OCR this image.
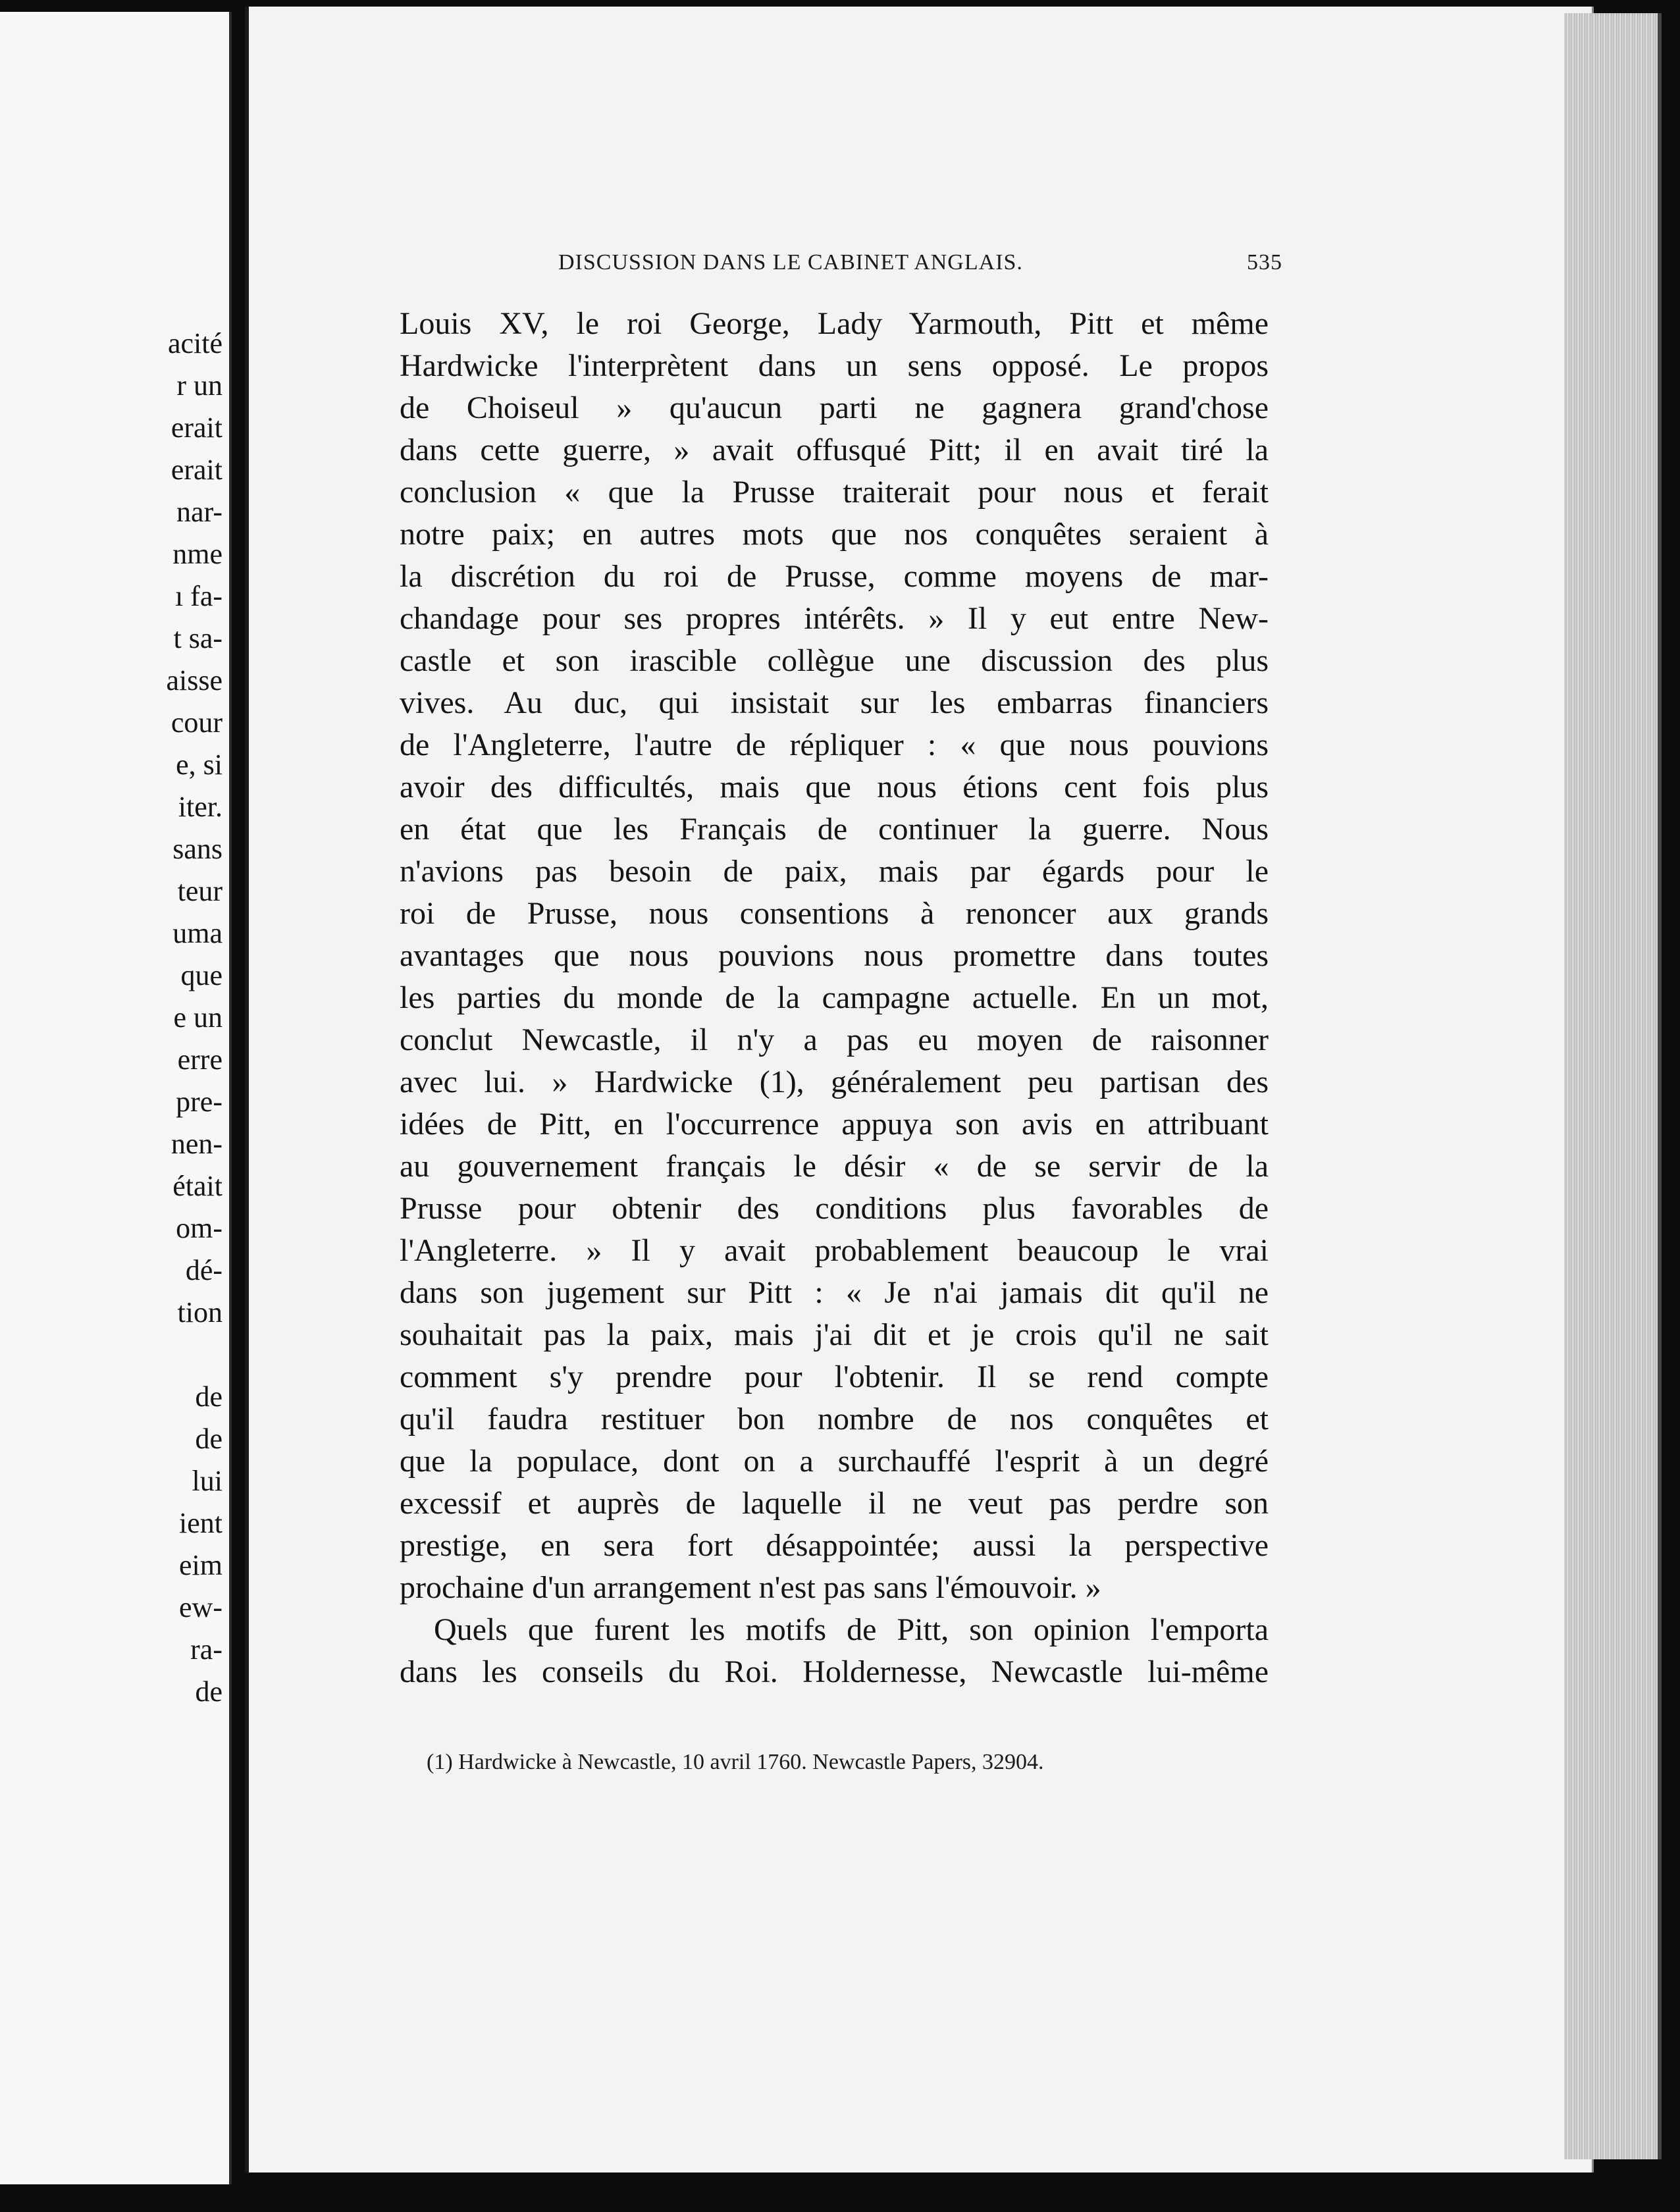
acité
r un
erait
erait
nar-
nme
ı fa-
t sa-
aisse
cour
e, si
iter.
sans
teur
uma
que
e un
erre
pre-
nen-
était
om-
dé-
tion
de
de
lui
ient
eim
ew-
ra-
de
DISCUSSION DANS LE CABINET ANGLAIS.	535
Louis XV, le roi George, Lady Yarmouth, Pitt et même
Hardwicke l'interprètent dans un sens opposé. Le propos
de Choiseul » qu'aucun parti ne gagnera grand'chose
dans cette guerre, » avait offusqué Pitt; il en avait tiré la
conclusion « que la Prusse traiterait pour nous et ferait
notre paix; en autres mots que nos conquêtes seraient à
la discrétion du roi de Prusse, comme moyens de mar-
chandage pour ses propres intérêts. » Il y eut entre New-
castle et son irascible collègue une discussion des plus
vives. Au duc, qui insistait sur les embarras financiers
de l'Angleterre, l'autre de répliquer : « que nous pouvions
avoir des difficultés, mais que nous étions cent fois plus
en état que les Français de continuer la guerre. Nous
n'avions pas besoin de paix, mais par égards pour le
roi de Prusse, nous consentions à renoncer aux grands
avantages que nous pouvions nous promettre dans toutes
les parties du monde de la campagne actuelle. En un mot,
conclut Newcastle, il n'y a pas eu moyen de raisonner
avec lui. » Hardwicke (1), généralement peu partisan des
idées de Pitt, en l'occurrence appuya son avis en attribuant
au gouvernement français le désir « de se servir de la
Prusse pour obtenir des conditions plus favorables de
l'Angleterre. » Il y avait probablement beaucoup le vrai
dans son jugement sur Pitt : « Je n'ai jamais dit qu'il ne
souhaitait pas la paix, mais j'ai dit et je crois qu'il ne sait
comment s'y prendre pour l'obtenir. Il se rend compte
qu'il faudra restituer bon nombre de nos conquêtes et
que la populace, dont on a surchauffé l'esprit à un degré
excessif et auprès de laquelle il ne veut pas perdre son
prestige, en sera fort désappointée; aussi la perspective
prochaine d'un arrangement n'est pas sans l'émouvoir. »
Quels que furent les motifs de Pitt, son opinion l'emporta
dans les conseils du Roi. Holdernesse, Newcastle lui-même
(1) Hardwicke à Newcastle, 10 avril 1760. Newcastle Papers, 32904.
